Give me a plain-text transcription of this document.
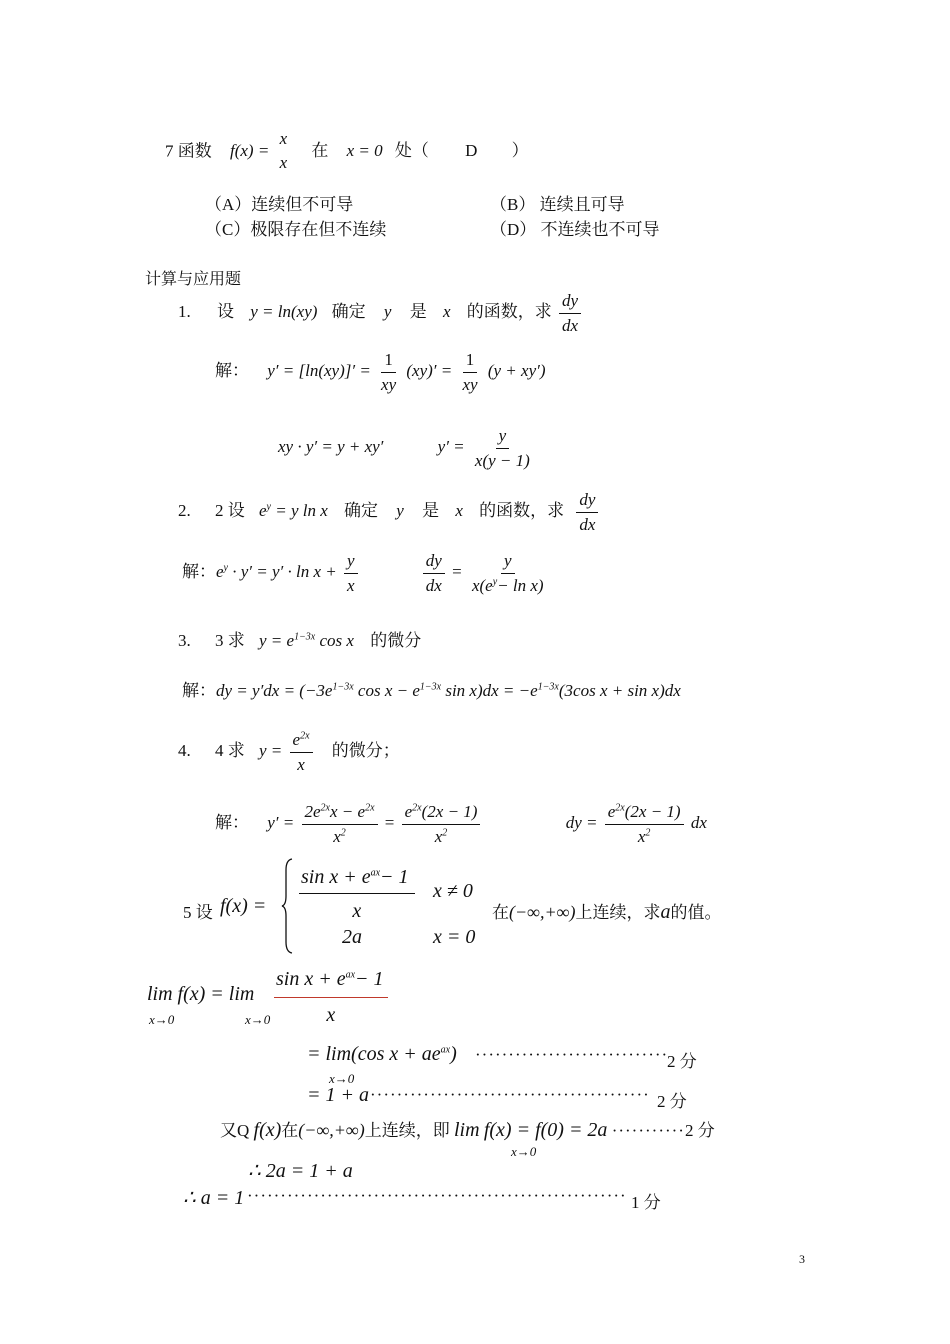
7 函数 f(x) =
x
x
在 x = 0 处（ D ）
（A）连续但不可导	（B） 连续且可导
（C）极限存在但不连续	（D） 不连续也不可导
计算与应用题
1. 设 y = ln(xy) 确定 y 是 x 的函数，求 $\frac{dy}{dx}$
解： $y' = [\ln(xy)]' = \frac{1}{xy} (xy)' = \frac{1}{xy} (y + xy')$
xy · y′ = y + xy′	$y' = \frac{y}{x(y - 1)}$
2. 2 设 $e^y = y$ ln x 确定 y 是 x 的函数，求 $\frac{dy}{dx}$
解：$e^y \cdot y' = y' \cdot \ln x + \frac{y}{x}$
	$\frac{dy}{dx} = \frac{y}{x(e^y- \ln x)}$
3. 3 求 $y = e^{1-3x}$ cos x 的微分
解：dy = $y'dx = (-3e^{1-3x}$ $\cos x - e^{1-3x}$ $\sin x)dx = -e^{1-3x}(3\cos$ x + sin x)dx
4. 4 求 $y = \frac{e^{2x}}{x}$ 的微分；
解： $y' = \frac{2e^{2x}x - e^{2x}}{x^2} = \frac{e^{2x}(2x - 1)}{x^2}$	dy = $\frac{e^{2x}(2x - 1)}{x^2}$ dx
5 设 $f(x) = \frac{\sin x + e^{ax}- 1}{x}$ x ≠ 0
2a	x = 0
在(−∞,+∞)上连续，求a的值。
lim f(x) = lim
x→0	$x\to 0 \frac{\sin x + e^{ax}- 1}{x}$
= lim(cos $x + ae^{ax}$)
x→0
·····························
2 分
= 1 + a ·········································· 2 分
又Q f(x)在(−∞,+∞)上连续，即 lim f(x) = f(0) = 2a ···········2 分
x→0
∴ 2a = 1 + a
∴ a = 1 ························································· 1 分
3
